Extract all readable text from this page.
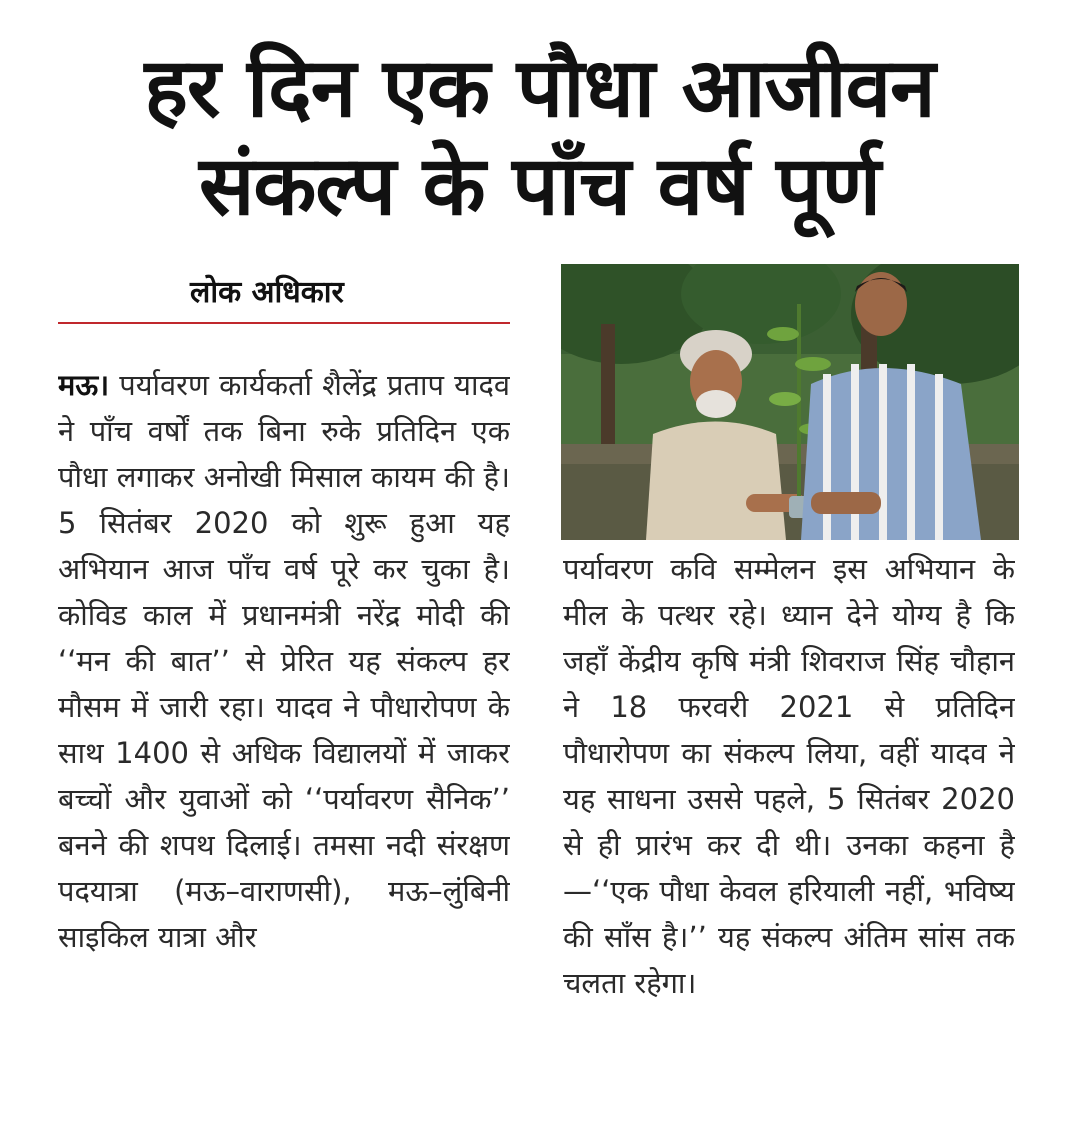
हर दिन एक पौधा आजीवन
संकल्प के पाँच वर्ष पूर्ण
लोक अधिकार
मऊ। पर्यावरण कार्यकर्ता शैलेंद्र प्रताप यादव ने पाँच वर्षों तक बिना रुके प्रतिदिन एक पौधा लगाकर अनोखी मिसाल कायम की है। 5 सितंबर 2020 को शुरू हुआ यह अभियान आज पाँच वर्ष पूरे कर चुका है। कोविड काल में प्रधानमंत्री नरेंद्र मोदी की ‘‘मन की बात’’ से प्रेरित यह संकल्प हर मौसम में जारी रहा। यादव ने पौधारोपण के साथ 1400 से अधिक विद्यालयों में जाकर बच्चों और युवाओं को ‘‘पर्यावरण सैनिक’’ बनने की शपथ दिलाई। तमसा नदी संरक्षण पदयात्रा (मऊ–वाराणसी), मऊ–लुंबिनी साइकिल यात्रा और
पर्यावरण कवि सम्मेलन इस अभियान के मील के पत्थर रहे। ध्यान देने योग्य है कि जहाँ केंद्रीय कृषि मंत्री शिवराज सिंह चौहान ने 18 फरवरी 2021 से प्रतिदिन पौधारोपण का संकल्प लिया, वहीं यादव ने यह साधना उससे पहले, 5 सितंबर 2020 से ही प्रारंभ कर दी थी। उनका कहना है—‘‘एक पौधा केवल हरियाली नहीं, भविष्य की साँस है।’’ यह संकल्प अंतिम सांस तक चलता रहेगा।
